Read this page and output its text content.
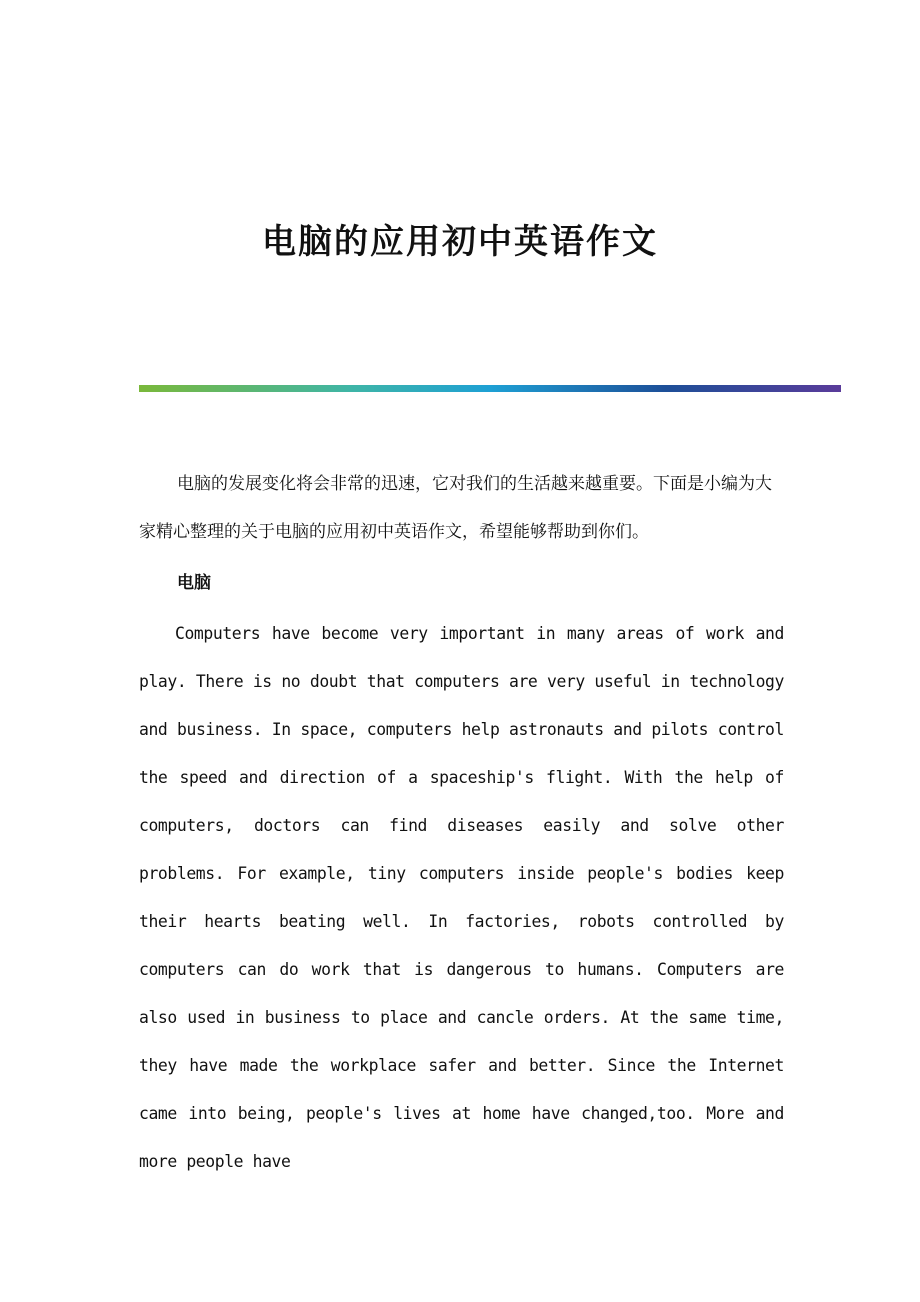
电脑的应用初中英语作文

电脑的发展变化将会非常的迅速，它对我们的生活越来越重要。下面是小编为大家精心整理的关于电脑的应用初中英语作文，希望能够帮助到你们。

电脑

Computers have become very important in many areas of work and play. There is no doubt that computers are very useful in technology and business. In space, computers help astronauts and pilots control the speed and direction of a spaceship's flight. With the help of computers, doctors can find diseases easily and solve other problems. For example, tiny computers inside people's bodies keep their hearts beating well. In factories, robots controlled by computers can do work that is dangerous to humans. Computers are also used in business to place and cancle orders. At the same time, they have made the workplace safer and better. Since the Internet came into being, people's lives at home have changed,too. More and more people have
